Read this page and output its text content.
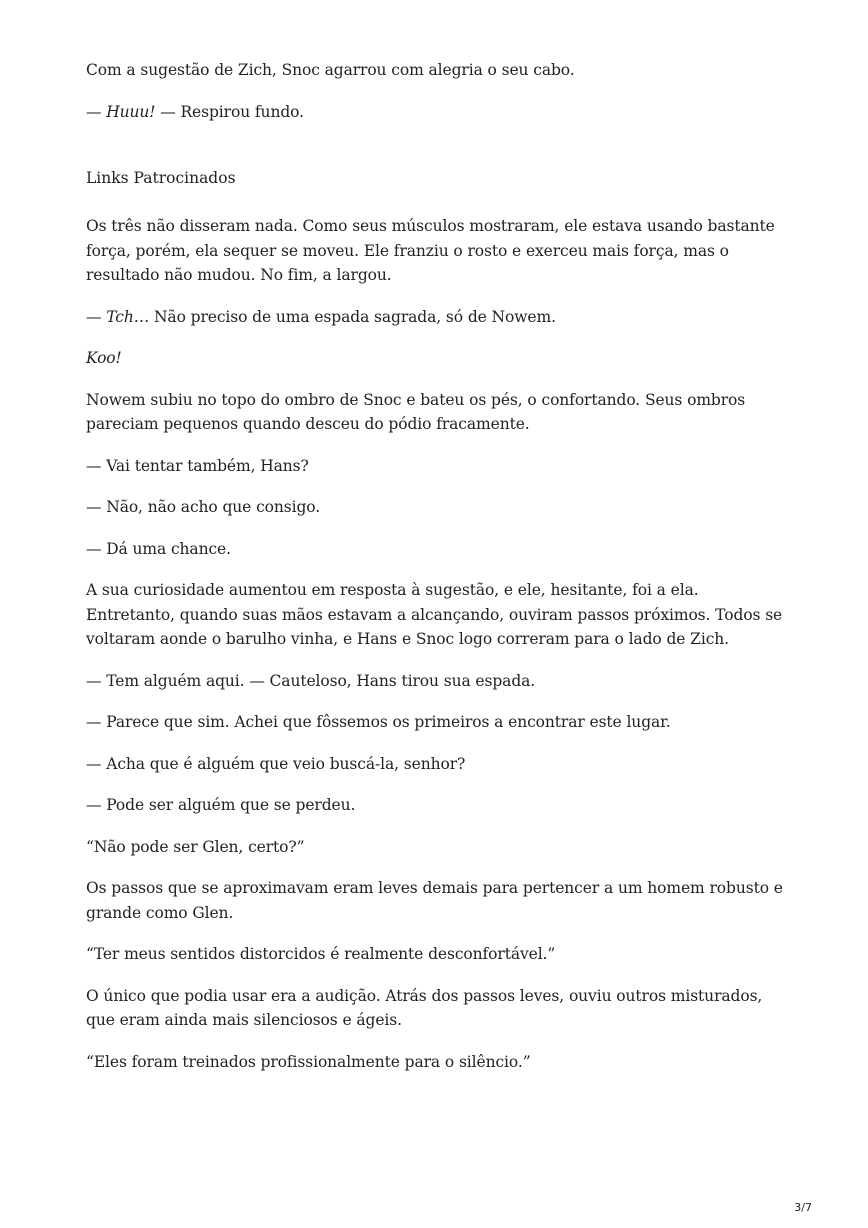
Com a sugestão de Zich, Snoc agarrou com alegria o seu cabo.

— Huuu! — Respirou fundo.

Links Patrocinados

Os três não disseram nada. Como seus músculos mostraram, ele estava usando bastante força, porém, ela sequer se moveu. Ele franziu o rosto e exerceu mais força, mas o resultado não mudou. No fim, a largou.

— Tch… Não preciso de uma espada sagrada, só de Nowem.

Koo!

Nowem subiu no topo do ombro de Snoc e bateu os pés, o confortando. Seus ombros pareciam pequenos quando desceu do pódio fracamente.

— Vai tentar também, Hans?

— Não, não acho que consigo.

— Dá uma chance.

A sua curiosidade aumentou em resposta à sugestão, e ele, hesitante, foi a ela. Entretanto, quando suas mãos estavam a alcançando, ouviram passos próximos. Todos se voltaram aonde o barulho vinha, e Hans e Snoc logo correram para o lado de Zich.

— Tem alguém aqui. — Cauteloso, Hans tirou sua espada.

— Parece que sim. Achei que fôssemos os primeiros a encontrar este lugar.

— Acha que é alguém que veio buscá-la, senhor?

— Pode ser alguém que se perdeu.

“Não pode ser Glen, certo?”

Os passos que se aproximavam eram leves demais para pertencer a um homem robusto e grande como Glen.

“Ter meus sentidos distorcidos é realmente desconfortável.”

O único que podia usar era a audição. Atrás dos passos leves, ouviu outros misturados, que eram ainda mais silenciosos e ágeis.

“Eles foram treinados profissionalmente para o silêncio.”

3/7
